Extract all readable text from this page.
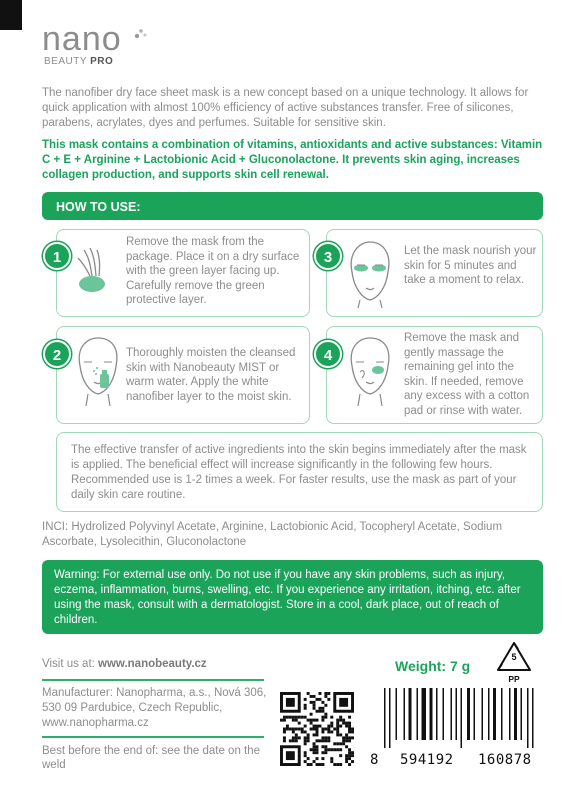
nano
BEAUTY PRO
The nanofiber dry face sheet mask is a new concept based on a unique technology. It allows for quick application with almost 100% efficiency of active substances transfer. Free of silicones, parabens, acrylates, dyes and perfumes. Suitable for sensitive skin.
This mask contains a combination of vitamins, antioxidants and active substances: Vitamin C + E + Arginine + Lactobionic Acid + Gluconolactone. It prevents skin aging, increases collagen production, and supports skin cell renewal.
HOW TO USE:
1
Remove the mask from the package. Place it on a dry surface with the green layer facing up. Carefully remove the green protective layer.
3	Let the mask nourish your skin for 5 minutes and take a moment to relax.
2	Thoroughly moisten the cleansed skin with Nanobeauty MIST or warm water. Apply the white nanofiber layer to the moist skin.
4
Remove the mask and gently massage the remaining gel into the skin. If needed, remove any excess with a cotton pad or rinse with water.
The effective transfer of active ingredients into the skin begins immediately after the mask is applied. The beneficial effect will increase significantly in the following few hours. Recommended use is 1-2 times a week. For faster results, use the mask as part of your daily skin care routine.
INCI: Hydrolized Polyvinyl Acetate, Arginine, Lactobionic Acid, Tocopheryl Acetate, Sodium Ascorbate, Lysolecithin, Gluconolactone
Warning: For external use only. Do not use if you have any skin problems, such as injury, eczema, inflammation, burns, swelling, etc. If you experience any irritation, itching, etc. after using the mask, consult with a dermatologist. Store in a cool, dark place, out of reach of children.
Visit us at: www.nanobeauty.cz
Manufacturer: Nanopharma, a.s., Nová 306, 530 09 Pardubice, Czech Republic, www.nanopharma.cz
Best before the end of: see the date on the weld
Weight: 7 g
5
PP
8 594192 160878
